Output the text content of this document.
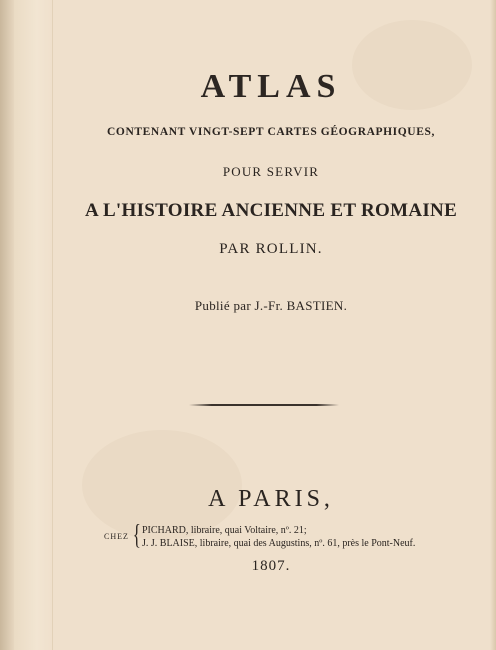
ATLAS
CONTENANT VINGT-SEPT CARTES GÉOGRAPHIQUES,
POUR SERVIR
A L'HISTOIRE ANCIENNE ET ROMAINE
PAR ROLLIN.
Publié par J.-Fr. BASTIEN.
A PARIS,
CHEZ { PICHARD, libraire, quai Voltaire, nº. 21;
J. J. BLAISE, libraire, quai des Augustins, nº. 61, près le Pont-Neuf.
1807.
